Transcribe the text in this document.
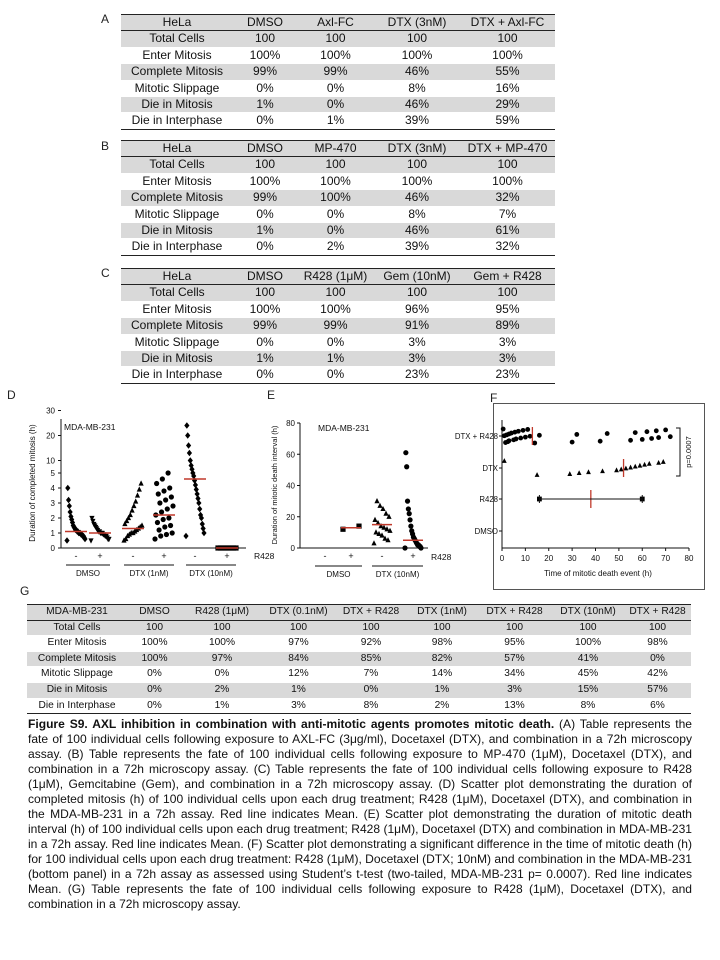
A
B
C
D	E	F
G
HeLa	DMSO	Axl-FC	DTX (3nM)	DTX + Axl-FC
Total Cells	100	100	100	100
Enter Mitosis	100%	100%	100%	100%
Complete Mitosis	99%	99%	46%	55%
Mitotic Slippage	0%	0%	8%	16%
Die in Mitosis	1%	0%	46%	29%
Die in Interphase	0%	1%	39%	59%
HeLa	DMSO	MP-470	DTX (3nM)	DTX + MP-470
Total Cells	100	100	100	100
Enter Mitosis	100%	100%	100%	100%
Complete Mitosis	99%	100%	46%	32%
Mitotic Slippage	0%	0%	8%	7%
Die in Mitosis	1%	0%	46%	61%
Die in Interphase	0%	2%	39%	32%
HeLa	DMSO	R428 (1μM)	Gem (10nM)	Gem + R428
Total Cells	100	100	100	100
Enter Mitosis	100%	100%	96%	95%
Complete Mitosis	99%	99%	91%	89%
Mitotic Slippage	0%	0%	3%	3%
Die in Mitosis	1%	1%	3%	3%
Die in Interphase	0%	0%	23%	23%
0
1
2
3
4
5
10
20
30
Duration of completed mitosis (h)	MDA-MB-231
- +	-	+	-	+	R428
DMSO	DTX (1nM)	DTX (10nM)
0
20
40
60
80
Duration of mitotic death interval (h)	MDA-MB-231
- +	-	+ R428
DMSO	DTX (10nM)
0 10 20 30 40 50 60 70 80
Time of mitotic death event (h)
DTX + R428
DTX
R428
DMSO
p=0.0007
MDA-MB-231	DMSO	R428 (1μM)	DTX (0.1nM)	DTX + R428	DTX (1nM)	DTX + R428	DTX (10nM)	DTX + R428
Total Cells	100	100	100	100	100	100	100	100
Enter Mitosis	100%	100%	97%	92%	98%	95%	100%	98%
Complete Mitosis	100%	97%	84%	85%	82%	57%	41%	0%
Mitotic Slippage	0%	0%	12%	7%	14%	34%	45%	42%
Die in Mitosis	0%	2%	1%	0%	1%	3%	15%	57%
Die in Interphase	0%	1%	3%	8%	2%	13%	8%	6%
Figure S9. AXL inhibition in combination with anti-mitotic agents promotes mitotic death. (A) Table represents the fate of 100 individual cells following exposure to AXL-FC (3μg/ml), Docetaxel (DTX), and combination in a 72h microscopy assay. (B) Table represents the fate of 100 individual cells following exposure to MP-470 (1μM), Docetaxel (DTX), and combination in a 72h microscopy assay. (C) Table represents the fate of 100 individual cells following exposure to R428 (1μM), Gemcitabine (Gem), and combination in a 72h microscopy assay. (D) Scatter plot demonstrating the duration of completed mitosis (h) of 100 individual cells upon each drug treatment; R428 (1μM), Docetaxel (DTX), and combination in the MDA-MB-231 in a 72h assay. Red line indicates Mean. (E) Scatter plot demonstrating the duration of mitotic death interval (h) of 100 individual cells upon each drug treatment; R428 (1μM), Docetaxel (DTX) and combination in MDA-MB-231 in a 72h assay. Red line indicates Mean. (F) Scatter plot demonstrating a significant difference in the time of mitotic death (h) for 100 individual cells upon each drug treatment: R428 (1μM), Docetaxel (DTX; 10nM) and combination in the MDA-MB-231 (bottom panel) in a 72h assay as assessed using Student’s t-test (two-tailed, MDA-MB-231 p= 0.0007). Red line indicates Mean. (G) Table represents the fate of 100 individual cells following exposure to R428 (1μM), Docetaxel (DTX), and combination in a 72h microscopy assay.
